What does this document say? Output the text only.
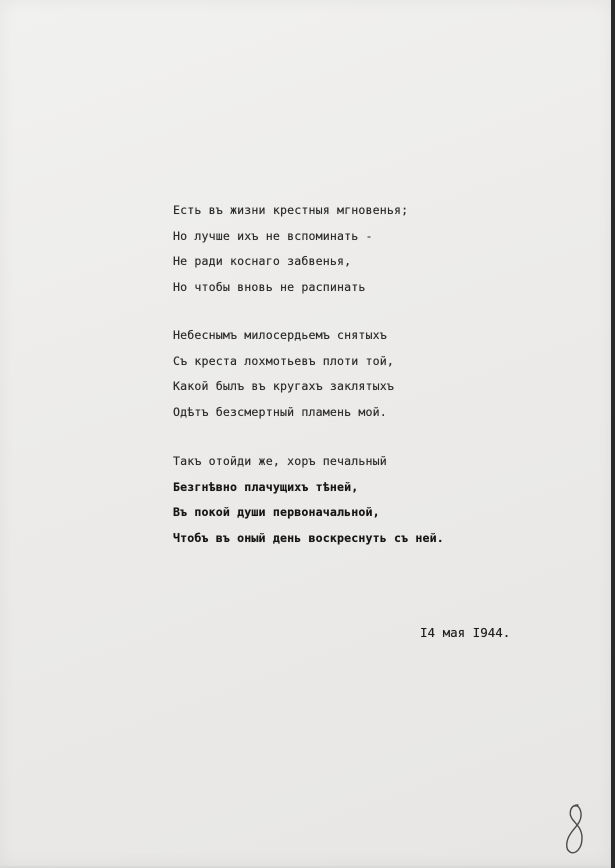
Есть въ жизни крестныя мгновенья;
Но лучше ихъ не вспоминать -
Не ради коснаго забвенья,
Но чтобы вновь не распинать
Небеснымъ милосердьемъ снятыхъ
Съ креста лохмотьевъ плоти той,
Какой былъ въ кругахъ заклятыхъ
Одѣтъ безсмертный пламень мой.
Такъ отойди же, хоръ печальный
Безгнѣвно плачущихъ тѣней,
Въ покой души первоначальной,
Чтобъ въ оный день воскреснуть съ ней.
I4 мая I944.
